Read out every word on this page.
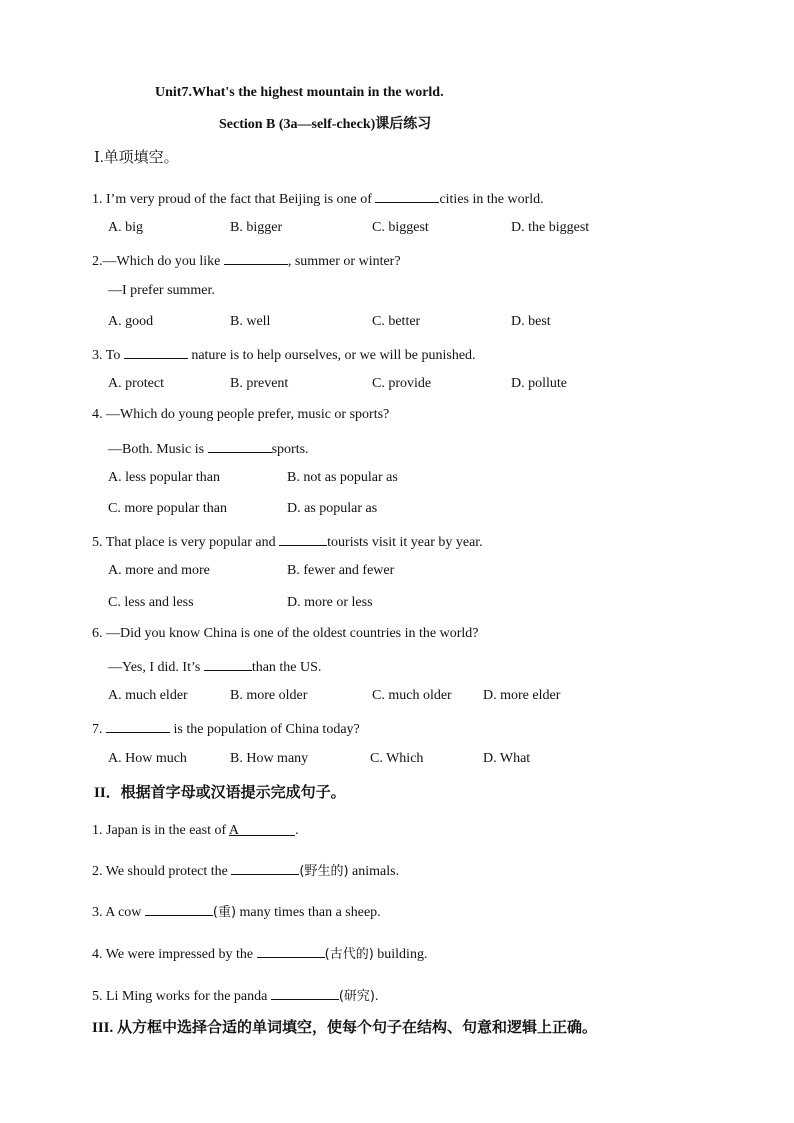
Unit7.What's the highest mountain in the world.
Section B (3a—self-check)课后练习
Ⅰ.单项填空。
1. I’m very proud of the fact that Beijing is one of	cities in the world.
A. big	B. bigger	C. biggest	D. the biggest
2.—Which do you like	, summer or winter?
—I prefer summer.
A. good	B. well	C. better	D. best
3. To	nature is to help ourselves, or we will be punished.
A. protect	B. prevent	C. provide	D. pollute
4. —Which do young people prefer, music or sports?
—Both. Music is	sports.
A. less popular than	B. not as popular as
C. more popular than	D. as popular as
5. That place is very popular and	tourists visit it year by year.
A. more and more	B. fewer and fewer
C. less and less	D. more or less
6. —Did you know China is one of the oldest countries in the world?
—Yes, I did. It’s	than the US.
A. much elder	B. more older	C. much older D. more elder
7.	is the population of China today?
A. How much	B. How many	C. Which	D. What
II．根据首字母或汉语提示完成句子。
1. Japan is in the east of A                    	.
2. We should protect the	(野生的) animals.
3. A cow	(重) many times than a sheep.
4. We were impressed by the	(古代的) building.
5. Li Ming works for the panda	(研究).
III. 从方框中选择合适的单词填空，使每个句子在结构、句意和逻辑上正确。
